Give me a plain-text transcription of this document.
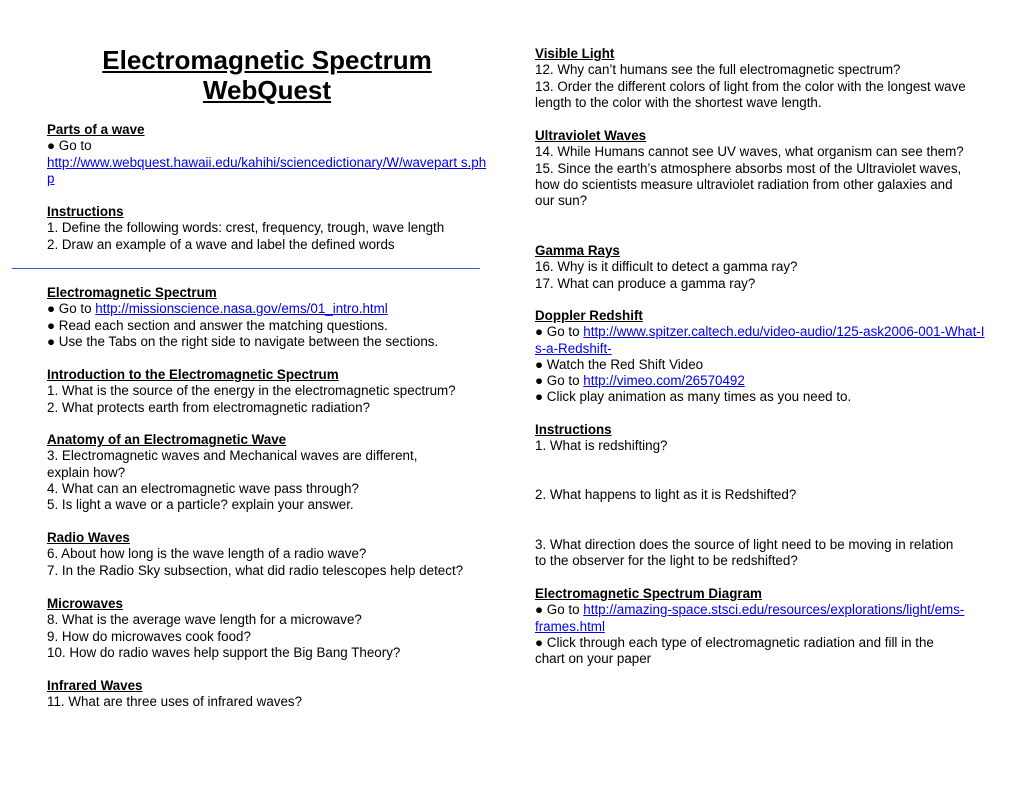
Electromagnetic Spectrum WebQuest

Parts of a wave

● Go to

http://www.webquest.hawaii.edu/kahihi/sciencedictionary/W/wavepart s.php

Instructions

1. Define the following words: crest, frequency, trough, wave length

2. Draw an example of a wave and label the defined words

Electromagnetic Spectrum

● Go to http://missionscience.nasa.gov/ems/01_intro.html

● Read each section and answer the matching questions.

● Use the Tabs on the right side to navigate between the sections.

Introduction to the Electromagnetic Spectrum

1. What is the source of the energy in the electromagnetic spectrum?

2. What protects earth from electromagnetic radiation?

Anatomy of an Electromagnetic Wave

3. Electromagnetic waves and Mechanical waves are different, explain how?

4. What can an electromagnetic wave pass through?

5. Is light a wave or a particle? explain your answer.

Radio Waves

6. About how long is the wave length of a radio wave?

7. In the Radio Sky subsection, what did radio telescopes help detect?

Microwaves

8. What is the average wave length for a microwave?

9. How do microwaves cook food?

10. How do radio waves help support the Big Bang Theory?

Infrared Waves

11. What are three uses of infrared waves?

Visible Light

12. Why can’t humans see the full electromagnetic spectrum?

13. Order the different colors of light from the color with the longest wave length to the color with the shortest wave length.

Ultraviolet Waves

14. While Humans cannot see UV waves, what organism can see them?

15. Since the earth’s atmosphere absorbs most of the Ultraviolet waves, how do scientists measure ultraviolet radiation from other galaxies and our sun?

Gamma Rays

16. Why is it difficult to detect a gamma ray?

17. What can produce a gamma ray?

Doppler Redshift

● Go to http://www.spitzer.caltech.edu/video-audio/125-ask2006-001-What-Is-a-Redshift-

● Watch the Red Shift Video

● Go to http://vimeo.com/26570492

● Click play animation as many times as you need to.

Instructions

1. What is redshifting?

2. What happens to light as it is Redshifted?

3. What direction does the source of light need to be moving in relation to the observer for the light to be redshifted?

Electromagnetic Spectrum Diagram

● Go to http://amazing-space.stsci.edu/resources/explorations/light/ems-frames.html

● Click through each type of electromagnetic radiation and fill in the chart on your paper
